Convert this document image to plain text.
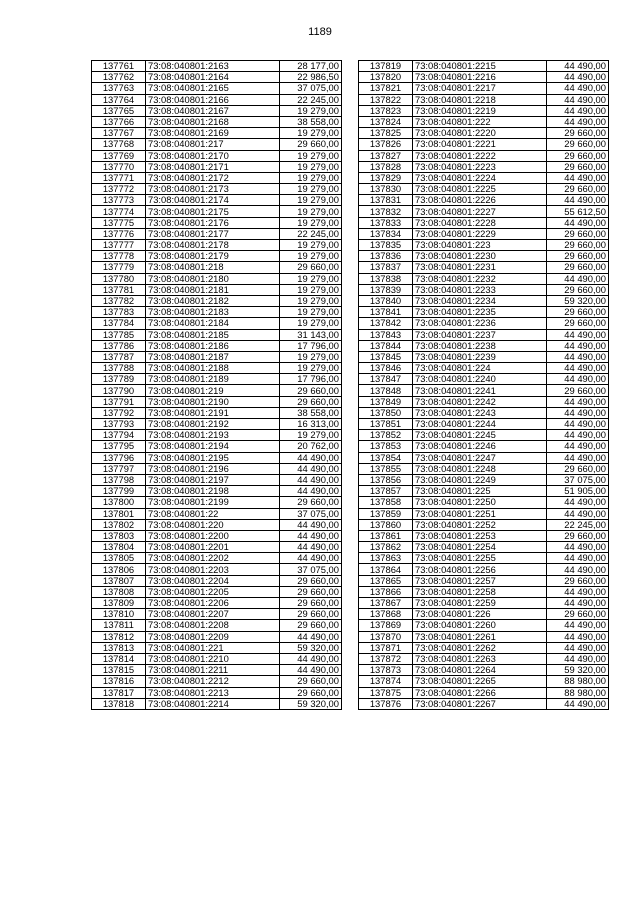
1189
137761	73:08:040801:2163	28 177,00
137762	73:08:040801:2164	22 986,50
137763	73:08:040801:2165	37 075,00
137764	73:08:040801:2166	22 245,00
137765	73:08:040801:2167	19 279,00
137766	73:08:040801:2168	38 558,00
137767	73:08:040801:2169	19 279,00
137768	73:08:040801:217	29 660,00
137769	73:08:040801:2170	19 279,00
137770	73:08:040801:2171	19 279,00
137771	73:08:040801:2172	19 279,00
137772	73:08:040801:2173	19 279,00
137773	73:08:040801:2174	19 279,00
137774	73:08:040801:2175	19 279,00
137775	73:08:040801:2176	19 279,00
137776	73:08:040801:2177	22 245,00
137777	73:08:040801:2178	19 279,00
137778	73:08:040801:2179	19 279,00
137779	73:08:040801:218	29 660,00
137780	73:08:040801:2180	19 279,00
137781	73:08:040801:2181	19 279,00
137782	73:08:040801:2182	19 279,00
137783	73:08:040801:2183	19 279,00
137784	73:08:040801:2184	19 279,00
137785	73:08:040801:2185	31 143,00
137786	73:08:040801:2186	17 796,00
137787	73:08:040801:2187	19 279,00
137788	73:08:040801:2188	19 279,00
137789	73:08:040801:2189	17 796,00
137790	73:08:040801:219	29 660,00
137791	73:08:040801:2190	29 660,00
137792	73:08:040801:2191	38 558,00
137793	73:08:040801:2192	16 313,00
137794	73:08:040801:2193	19 279,00
137795	73:08:040801:2194	20 762,00
137796	73:08:040801:2195	44 490,00
137797	73:08:040801:2196	44 490,00
137798	73:08:040801:2197	44 490,00
137799	73:08:040801:2198	44 490,00
137800	73:08:040801:2199	29 660,00
137801	73:08:040801:22	37 075,00
137802	73:08:040801:220	44 490,00
137803	73:08:040801:2200	44 490,00
137804	73:08:040801:2201	44 490,00
137805	73:08:040801:2202	44 490,00
137806	73:08:040801:2203	37 075,00
137807	73:08:040801:2204	29 660,00
137808	73:08:040801:2205	29 660,00
137809	73:08:040801:2206	29 660,00
137810	73:08:040801:2207	29 660,00
137811	73:08:040801:2208	29 660,00
137812	73:08:040801:2209	44 490,00
137813	73:08:040801:221	59 320,00
137814	73:08:040801:2210	44 490,00
137815	73:08:040801:2211	44 490,00
137816	73:08:040801:2212	29 660,00
137817	73:08:040801:2213	29 660,00
137818	73:08:040801:2214	59 320,00
137819	73:08:040801:2215	44 490,00
137820	73:08:040801:2216	44 490,00
137821	73:08:040801:2217	44 490,00
137822	73:08:040801:2218	44 490,00
137823	73:08:040801:2219	44 490,00
137824	73:08:040801:222	44 490,00
137825	73:08:040801:2220	29 660,00
137826	73:08:040801:2221	29 660,00
137827	73:08:040801:2222	29 660,00
137828	73:08:040801:2223	29 660,00
137829	73:08:040801:2224	44 490,00
137830	73:08:040801:2225	29 660,00
137831	73:08:040801:2226	44 490,00
137832	73:08:040801:2227	55 612,50
137833	73:08:040801:2228	44 490,00
137834	73:08:040801:2229	29 660,00
137835	73:08:040801:223	29 660,00
137836	73:08:040801:2230	29 660,00
137837	73:08:040801:2231	29 660,00
137838	73:08:040801:2232	44 490,00
137839	73:08:040801:2233	29 660,00
137840	73:08:040801:2234	59 320,00
137841	73:08:040801:2235	29 660,00
137842	73:08:040801:2236	29 660,00
137843	73:08:040801:2237	44 490,00
137844	73:08:040801:2238	44 490,00
137845	73:08:040801:2239	44 490,00
137846	73:08:040801:224	44 490,00
137847	73:08:040801:2240	44 490,00
137848	73:08:040801:2241	29 660,00
137849	73:08:040801:2242	44 490,00
137850	73:08:040801:2243	44 490,00
137851	73:08:040801:2244	44 490,00
137852	73:08:040801:2245	44 490,00
137853	73:08:040801:2246	44 490,00
137854	73:08:040801:2247	44 490,00
137855	73:08:040801:2248	29 660,00
137856	73:08:040801:2249	37 075,00
137857	73:08:040801:225	51 905,00
137858	73:08:040801:2250	44 490,00
137859	73:08:040801:2251	44 490,00
137860	73:08:040801:2252	22 245,00
137861	73:08:040801:2253	29 660,00
137862	73:08:040801:2254	44 490,00
137863	73:08:040801:2255	44 490,00
137864	73:08:040801:2256	44 490,00
137865	73:08:040801:2257	29 660,00
137866	73:08:040801:2258	44 490,00
137867	73:08:040801:2259	44 490,00
137868	73:08:040801:226	29 660,00
137869	73:08:040801:2260	44 490,00
137870	73:08:040801:2261	44 490,00
137871	73:08:040801:2262	44 490,00
137872	73:08:040801:2263	44 490,00
137873	73:08:040801:2264	59 320,00
137874	73:08:040801:2265	88 980,00
137875	73:08:040801:2266	88 980,00
137876	73:08:040801:2267	44 490,00
